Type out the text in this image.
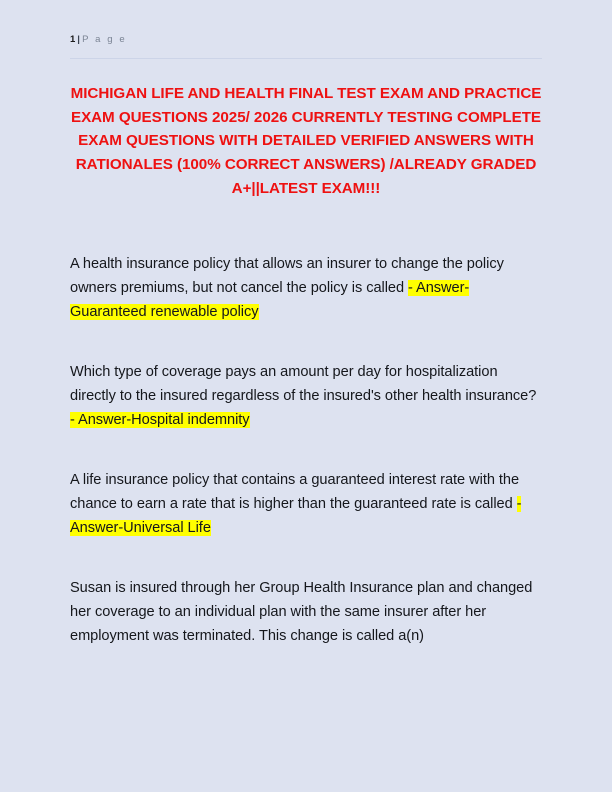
1 | P a g e
MICHIGAN LIFE AND HEALTH FINAL TEST EXAM AND PRACTICE EXAM QUESTIONS 2025/ 2026 CURRENTLY TESTING COMPLETE EXAM QUESTIONS WITH DETAILED VERIFIED ANSWERS WITH RATIONALES (100% CORRECT ANSWERS) /ALREADY GRADED A+||LATEST EXAM!!!

A health insurance policy that allows an insurer to change the policy owners premiums, but not cancel the policy is called - Answer-Guaranteed renewable policy

Which type of coverage pays an amount per day for hospitalization directly to the insured regardless of the insured's other health insurance? - Answer-Hospital indemnity

A life insurance policy that contains a guaranteed interest rate with the chance to earn a rate that is higher than the guaranteed rate is called - Answer-Universal Life

Susan is insured through her Group Health Insurance plan and changed her coverage to an individual plan with the same insurer after her employment was terminated. This change is called a(n)
